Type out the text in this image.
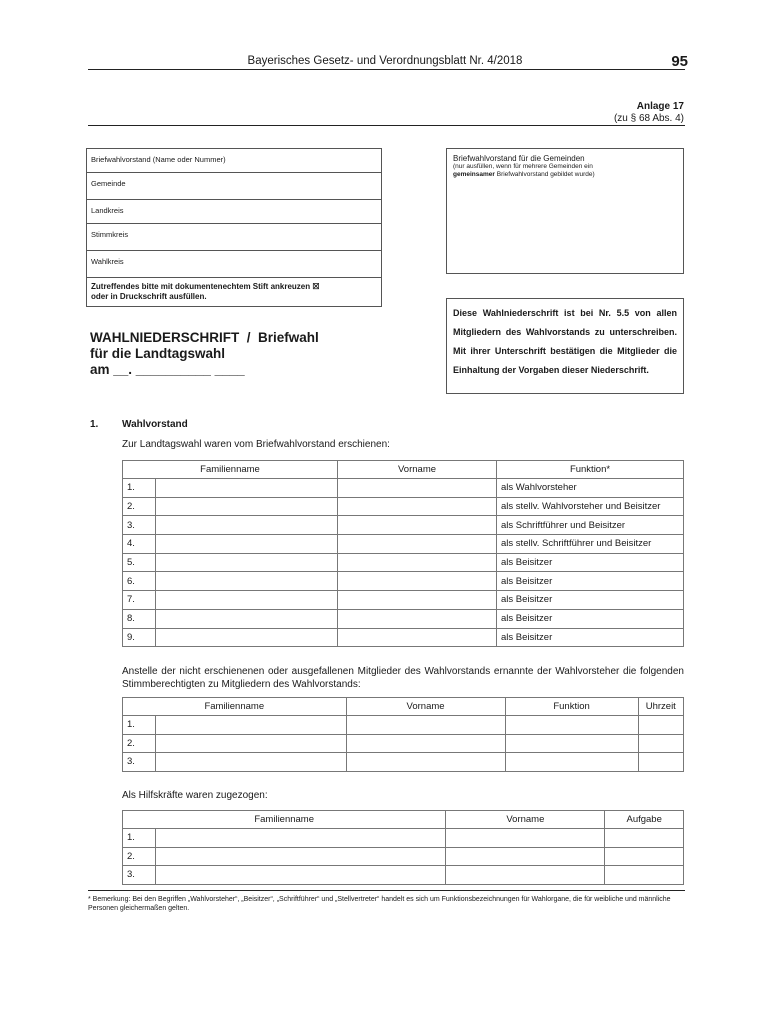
Bayerisches Gesetz- und Verordnungsblatt Nr. 4/2018	95
Anlage 17
(zu § 68 Abs. 4)
Briefwahlvorstand (Name oder Nummer)
Gemeinde
Landkreis
Stimmkreis
Wahlkreis
Zutreffendes bitte mit dokumentenechtem Stift ankreuzen ☒
oder in Druckschrift ausfüllen.
Briefwahlvorstand für die Gemeinden
(nur ausfüllen, wenn für mehrere Gemeinden ein
gemeinsamer Briefwahlvorstand gebildet wurde)
Diese Wahlniederschrift ist bei Nr. 5.5 von allen Mitgliedern des Wahlvorstands zu unterschreiben. Mit ihrer Unterschrift bestätigen die Mitglieder die Einhaltung der Vorgaben dieser Niederschrift.
WAHLNIEDERSCHRIFT  /  Briefwahl
für die Landtagswahl
am __. __________ ____
1. Wahlvorstand
Zur Landtagswahl waren vom Briefwahlvorstand erschienen:
Familienname		Vorname	Funktion*
1.			als Wahlvorsteher
2.			als stellv. Wahlvorsteher und Beisitzer
3.			als Schriftführer und Beisitzer
4.			als stellv. Schriftführer und Beisitzer
5.			als Beisitzer
6.			als Beisitzer
7.			als Beisitzer
8.			als Beisitzer
9.			als Beisitzer
Anstelle der nicht erschienenen oder ausgefallenen Mitglieder des Wahlvorstands ernannte der Wahlvorsteher die folgenden Stimmberechtigten zu Mitgliedern des Wahlvorstands:
Familienname		Vorname	Funktion	Uhrzeit
1.				
2.				
3.				
Als Hilfskräfte waren zugezogen:
Familienname		Vorname	Aufgabe
1.			
2.			
3.			
* Bemerkung: Bei den Begriffen „Wahlvorsteher“, „Beisitzer“, „Schriftführer“ und „Stellvertreter“ handelt es sich um Funktionsbezeichnungen für Wahlorgane, die für weibliche und männliche Personen gleichermaßen gelten.
